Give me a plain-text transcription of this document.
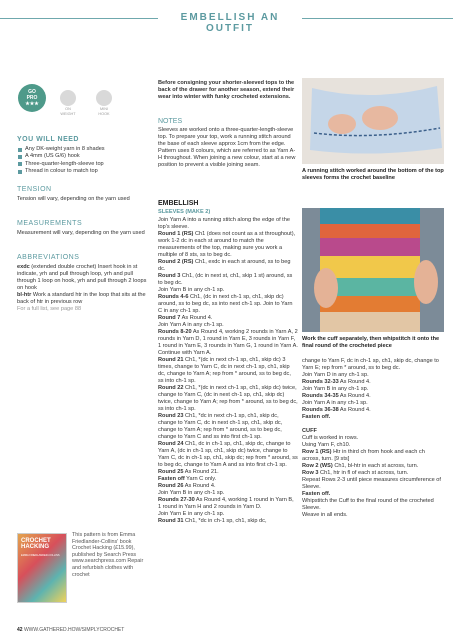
EMBELLISH AN OUTFIT
GO
PRO
★★★
ON
WEIGHT
MINI
HOOK
YOU WILL NEED
Any DK-weight yarn in 8 shades
A 4mm (US G/6) hook
Three-quarter-length-sleeve top
Thread in colour to match top
TENSION
Tension will vary, depending on the yarn used
MEASUREMENTS
Measurement will vary, depending on the yarn used
ABBREVIATIONS
exdc (extended double crochet) Insert hook in st indicate, yrh and pull through loop, yrh and pull through 1 loop on hook, yrh and pull through 2 loops on hook
bl-htr Work a standard htr in the loop that sits at the back of htr in previous row
For a full list, see page 88
CROCHET HACKING
EMMA FRIEDLANDER-COLLINS
This pattern is from Emma Friedlander-Collins' book Crochet Hacking (£15.99), published by Search Press www.searchpress.com Repair and refurbish clothes with crochet
Before consigning your shorter-sleeved tops to the back of the drawer for another season, extend their wear into winter with funky crocheted extensions.
NOTES
Sleeves are worked onto a three-quarter-length-sleeve top. To prepare your top, work a running stitch around the base of each sleeve approx 1cm from the edge. Pattern uses 8 colours, which are referred to as Yarn A-H throughout. When joining a new colour, start at a new position to prevent a visible joining seam.
EMBELLISH
SLEEVES (MAKE 2)

Join Yarn A into a running stitch along the edge of the top's sleeve.

Round 1 (RS) Ch1 (does not count as a st throughout), work 1-2 dc in each st around to match the measurements of the top, making sure you work a multiple of 8 sts, ss to beg dc.

Round 2 (RS) Ch1, exdc in each st around, ss to beg dc.

Round 3 Ch1, (dc in next st, ch1, skip 1 st) around, ss to beg dc.

Join Yarn B in any ch-1 sp.

Rounds 4-6 Ch1, (dc in next ch-1 sp, ch1, skip dc) around, ss to beg dc, ss into next ch-1 sp. Join to Yarn C in any ch-1 sp.

Round 7 As Round 4.

Join Yarn A in any ch-1 sp.

Rounds 8-20 As Round 4, working 2 rounds in Yarn A, 2 rounds in Yarn D, 1 round in Yarn E, 3 rounds in Yarn F, 1 round in Yarn E, 3 rounds in Yarn G, 1 round in Yarn A.

Continue with Yarn A.

Round 21 Ch1, *(dc in next ch-1 sp, ch1, skip dc) 3 times, change to Yarn C, dc in next ch-1 sp, ch1, skip dc, change to Yarn A; rep from * around, ss to beg dc, ss into ch-1 sp.

Round 22 Ch1, *(dc in next ch-1 sp, ch1, skip dc) twice, change to Yarn C, (dc in next ch-1 sp, ch1, skip dc) twice, change to Yarn A; rep from * around, ss to beg dc, ss into ch-1 sp.

Round 23 Ch1, *dc in next ch-1 sp, ch1, skip dc, change to Yarn C, dc in next ch-1 sp, ch1, skip dc, change to Yarn A; rep from * around, ss to beg dc, change to Yarn C and ss into first ch-1 sp.

Round 24 Ch1, dc in ch-1 sp, ch1, skip dc, change to Yarn A, (dc in ch-1 sp, ch1, skip dc) twice, change to Yarn C, dc in ch-1 sp, ch1, skip dc; rep from * around, ss to beg dc, change to Yarn A and ss into first ch-1 sp.

Round 25 As Round 21.

Fasten off Yarn C only.

Round 26 As Round 4.

Join Yarn B in any ch-1 sp.

Rounds 27-30 As Round 4, working 1 round in Yarn B, 1 round in Yarn H and 2 rounds in Yarn D.

Join Yarn E in any ch-1 sp.

Round 31 Ch1, *dc in ch-1 sp, ch1, skip dc,

A running stitch worked around the bottom of the top sleeves forms the crochet baseline
Work the cuff separately, then whipstitch it onto the final round of the crocheted piece

change to Yarn F, dc in ch-1 sp, ch1, skip dc, change to Yarn E; rep from * around, ss to beg dc.

Join Yarn D in any ch-1 sp.

Rounds 32-33 As Round 4.

Join Yarn B in any ch-1 sp.

Rounds 34-35 As Round 4.

Join Yarn A in any ch-1 sp.

Rounds 36-38 As Round 4.

Fasten off.

CUFF

Cuff is worked in rows.

Using Yarn F, ch10.

Row 1 (RS) Htr in third ch from hook and each ch across, turn. [9 sts]

Row 2 (WS) Ch1, bl-htr in each st across, turn.

Row 3 Ch1, htr in fl of each st across, turn.

Repeat Rows 2-3 until piece measures circumference of Sleeve.

Fasten off.

Whipstitch the Cuff to the final round of the crocheted Sleeve.

Weave in all ends.

42 WWW.GATHERED.HOW/SIMPLYCROCHET
